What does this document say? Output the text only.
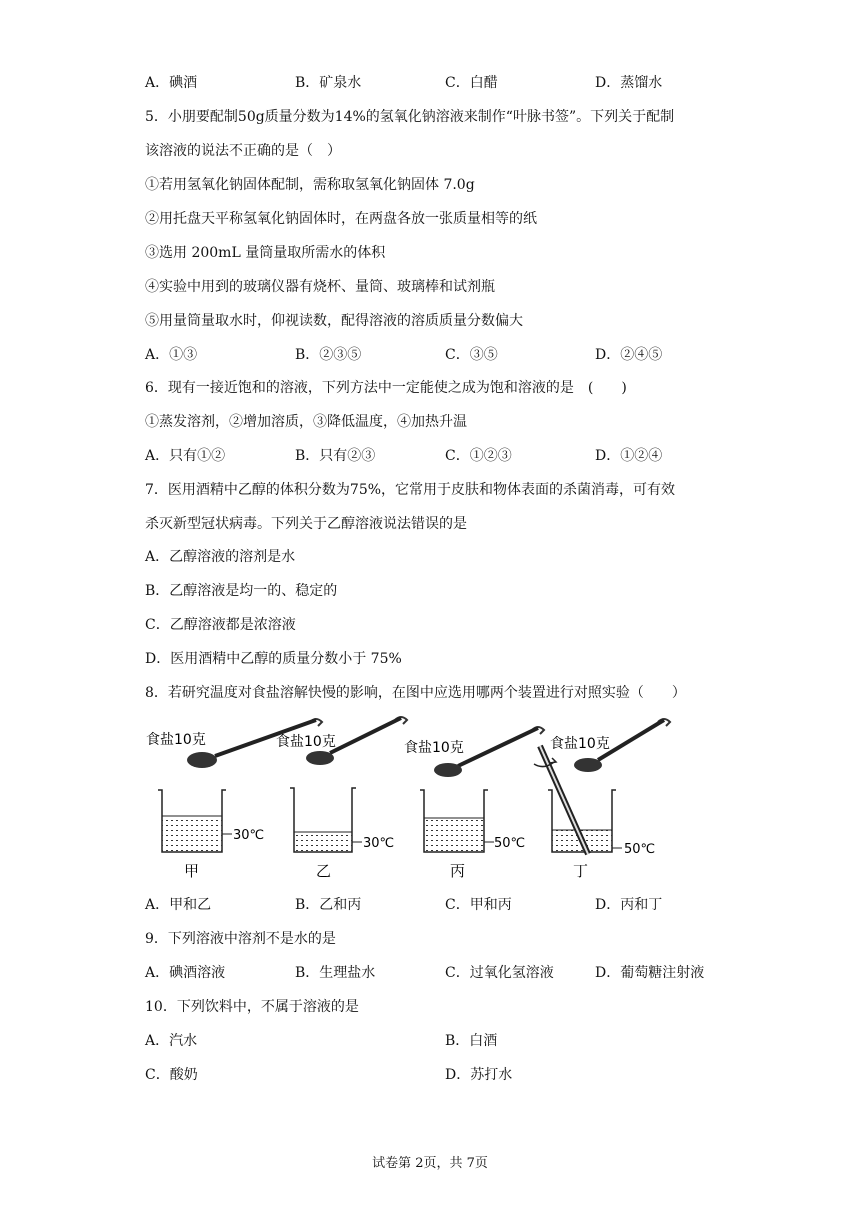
A．碘酒	B．矿泉水	C．白醋	D．蒸馏水
5．小朋要配制50g质量分数为14%的氢氧化钠溶液来制作“叶脉书签”。下列关于配制
该溶液的说法不正确的是（　）
①若用氢氧化钠固体配制，需称取氢氧化钠固体 7.0g
②用托盘天平称氢氧化钠固体时，在两盘各放一张质量相等的纸
③选用 200mL 量筒量取所需水的体积
④实验中用到的玻璃仪器有烧杯、量筒、玻璃棒和试剂瓶
⑤用量筒量取水时，仰视读数，配得溶液的溶质质量分数偏大
A．①③	B．②③⑤	C．③⑤	D．②④⑤
6．现有一接近饱和的溶液，下列方法中一定能使之成为饱和溶液的是　(　　)
①蒸发溶剂，②增加溶质，③降低温度，④加热升温
A．只有①②	B．只有②③	C．①②③	D．①②④
7．医用酒精中乙醇的体积分数为75%，它常用于皮肤和物体表面的杀菌消毒，可有效
杀灭新型冠状病毒。下列关于乙醇溶液说法错误的是
A．乙醇溶液的溶剂是水
B．乙醇溶液是均一的、稳定的
C．乙醇溶液都是浓溶液
D．医用酒精中乙醇的质量分数小于 75%
8．若研究温度对食盐溶解快慢的影响，在图中应选用哪两个装置进行对照实验（　　）
食盐10克
30℃
甲
食盐10克
30℃
乙
食盐10克
50℃
丙
食盐10克
50℃
丁
A．甲和乙	B．乙和丙	C．甲和丙	D．丙和丁
9．下列溶液中溶剂不是水的是
A．碘酒溶液	B．生理盐水	C．过氧化氢溶液	D．葡萄糖注射液
10．下列饮料中，不属于溶液的是
A．汽水	B．白酒
C．酸奶	D．苏打水
试卷第 2页，共 7页
